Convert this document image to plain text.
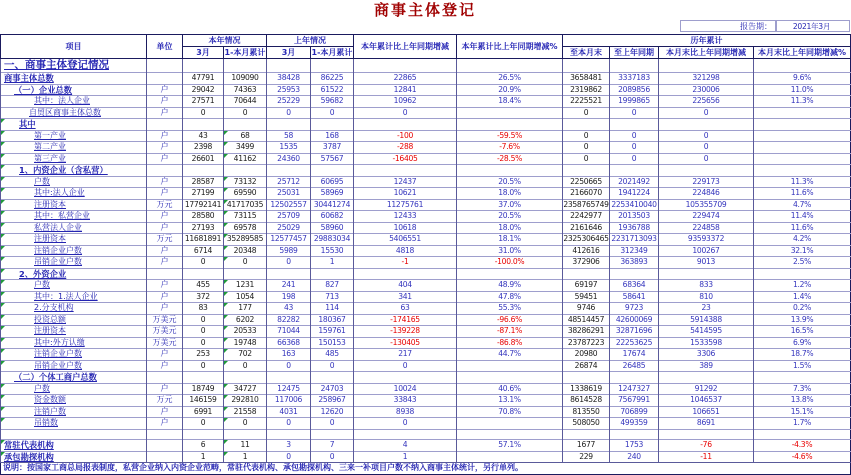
商事主体登记
报告期：	2021年3月
项目	单位	本年情况		上年情况		本年累计比上年同期增减	本年累计比上年同期增减%	历年累计			
		3月	1-本月累计	3月	1-本月累计			至本月末	至上年同期	本月末比上年同期增减	本月末比上年同期增减%
一、商事主体登记情况											
商事主体总数		47791	109090	38428	86225	22865	26.5%	3658481	3337183	321298	9.6%
（一）企业总数	户	29042	74363	25953	61522	12841	20.9%	2319862	2089856	230006	11.0%
其中：法人企业	户	27571	70644	25229	59682	10962	18.4%	2225521	1999865	225656	11.3%
自贸区商事主体总数	户	0	0	0	0	0		0	0	0	
其中											
第一产业	户	43	68	58	168	-100	-59.5%	0	0	0	
第二产业	户	2398	3499	1535	3787	-288	-7.6%	0	0	0	
第三产业	户	26601	41162	24360	57567	-16405	-28.5%	0	0	0	
1、内资企业（含私营）											
户数	户	28587	73132	25712	60695	12437	20.5%	2250665	2021492	229173	11.3%
其中:法人企业	户	27199	69590	25031	58969	10621	18.0%	2166070	1941224	224846	11.6%
注册资本	万元	17792141	41717035	12502557	30441274	11275761	37.0%	2358765749	2253410040	105355709	4.7%
其中：私营企业	户	28580	73115	25709	60682	12433	20.5%	2242977	2013503	229474	11.4%
私营法人企业	户	27193	69578	25029	58960	10618	18.0%	2161646	1936788	224858	11.6%
注册资本	万元	11681891	35289585	12577457	29883034	5406551	18.1%	2325306465	2231713093	93593372	4.2%
注销企业户数	户	6714	20348	5989	15530	4818	31.0%	412616	312349	100267	32.1%
吊销企业户数	户	0	0	0	1	-1	-100.0%	372906	363893	9013	2.5%
2、外资企业											
户数	户	455	1231	241	827	404	48.9%	69197	68364	833	1.2%
其中：1.法人企业	户	372	1054	198	713	341	47.8%	59451	58641	810	1.4%
2.分支机构	户	83	177	43	114	63	55.3%	9746	9723	23	0.2%
投资总额	万美元	0	6202	82282	180367	-174165	-96.6%	48514457	42600069	5914388	13.9%
注册资本	万美元	0	20533	71044	159761	-139228	-87.1%	38286291	32871696	5414595	16.5%
其中:外方认缴	万美元	0	19748	66368	150153	-130405	-86.8%	23787223	22253625	1533598	6.9%
注销企业户数	户	253	702	163	485	217	44.7%	20980	17674	3306	18.7%
吊销企业户数	户	0	0	0	0	0		26874	26485	389	1.5%
（二）个体工商户总数											
户数	户	18749	34727	12475	24703	10024	40.6%	1338619	1247327	91292	7.3%
资金数额	万元	146159	292810	117006	258967	33843	13.1%	8614528	7567991	1046537	13.8%
注销户数	户	6991	21558	4031	12620	8938	70.8%	813550	706899	106651	15.1%
吊销数	户	0	0	0	0	0		508050	499359	8691	1.7%

常驻代表机构		6	11	3	7	4	57.1%	1677	1753	-76	-4.3%
承包勘探机构		1	1	0	0	1		229	240	-11	-4.6%
说明：按国家工商总局报表制度，私营企业纳入内资企业范畴，常驻代表机构、承包勘探机构、三来一补项目户数不纳入商事主体统计，另行单列。											
